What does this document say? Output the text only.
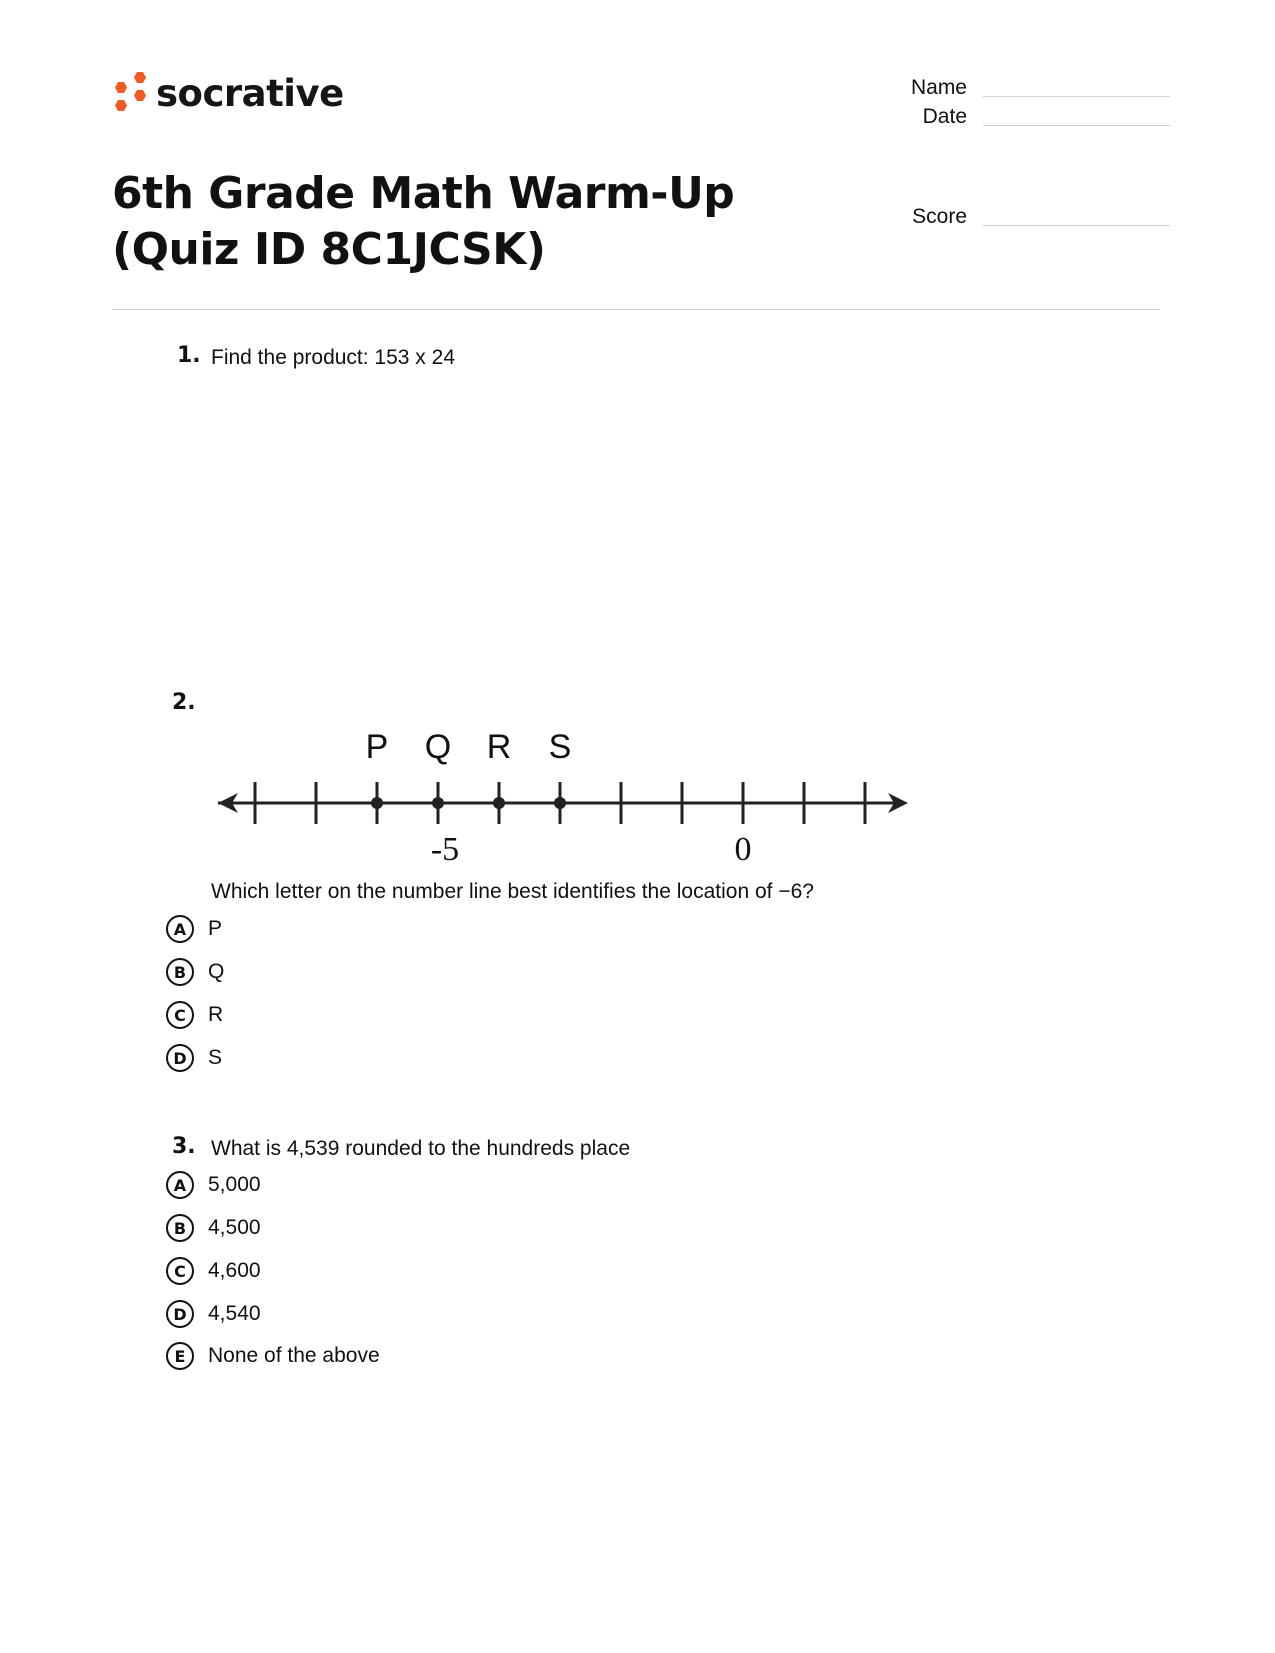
socrative	Name
Date
Score
6th Grade Math Warm-Up (Quiz ID 8C1JCSK)
1. Find the product: 153 x 24
2.
P Q R S
-5	0
Which letter on the number line best identifies the location of −6?
A	P
B	Q
C	R
D	S
3. What is 4,539 rounded to the hundreds place
A	5,000
B	4,500
C	4,600
D	4,540
E	None of the above
